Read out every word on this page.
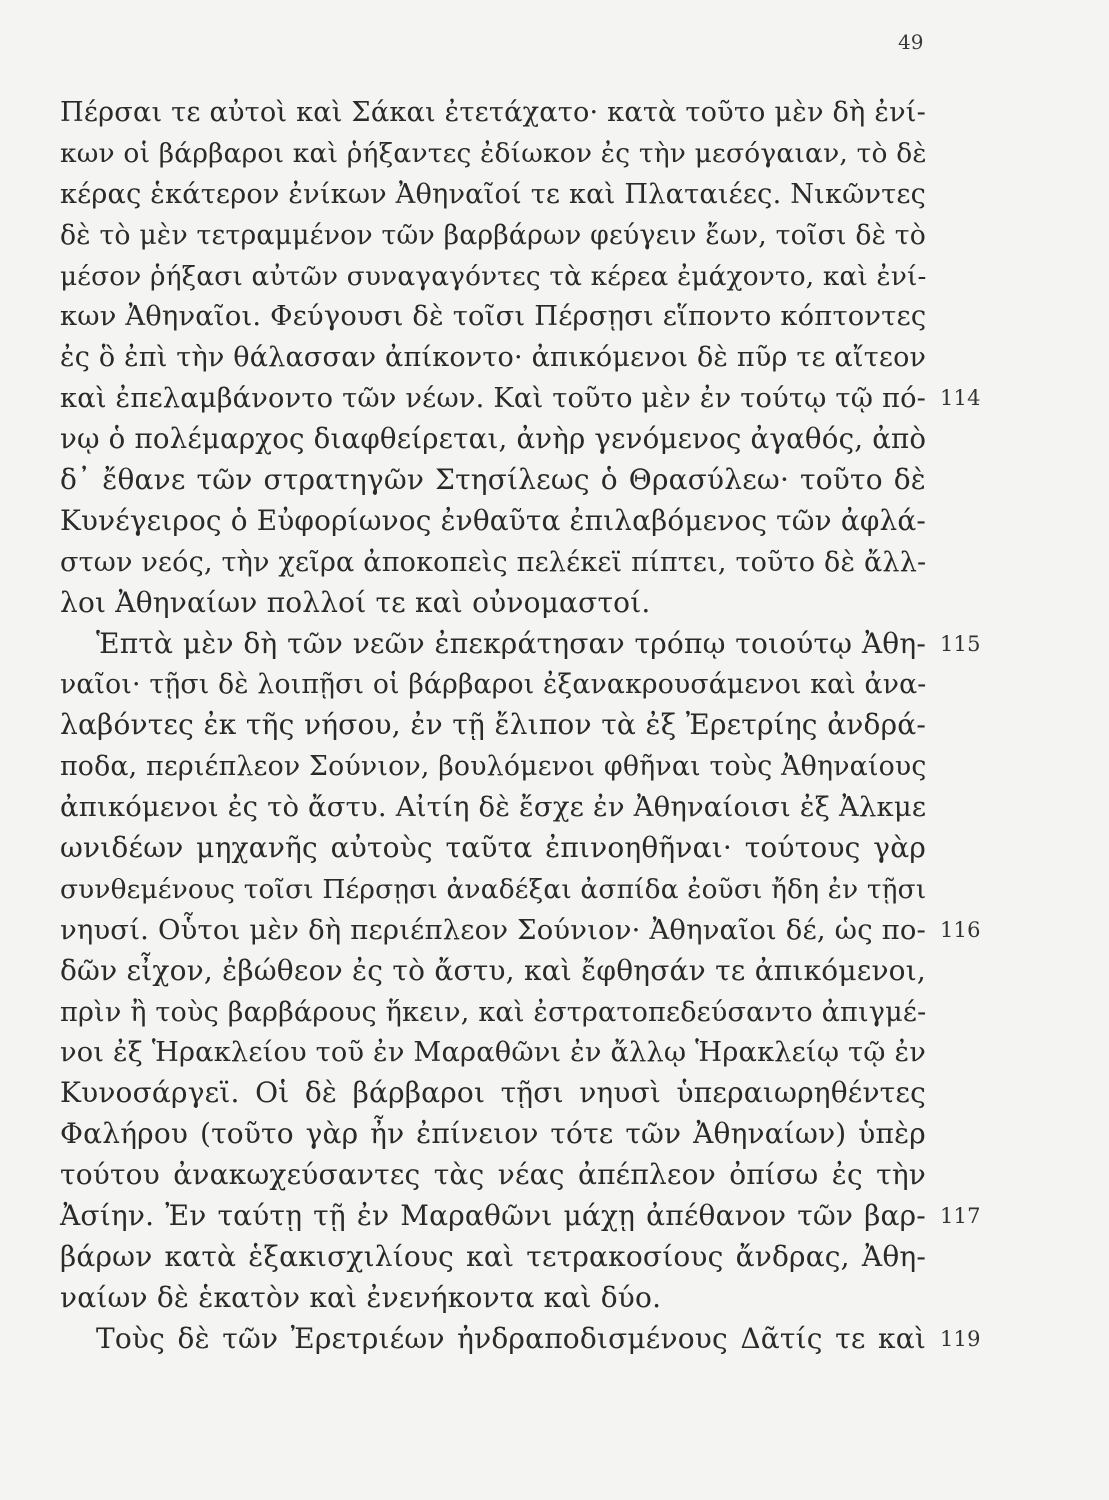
49
Πέρσαι τε αὐτοὶ καὶ Σάκαι ἐτετάχατο· κατὰ τοῦτο μὲν δὴ ἐνί-
κων οἱ βάρβαροι καὶ ῥήξαντες ἐδίωκον ἐς τὴν μεσόγαιαν, τὸ δὲ
κέρας ἑκάτερον ἐνίκων Ἀθηναῖοί τε καὶ Πλαταιέες. Νικῶντες
δὲ τὸ μὲν τετραμμένον τῶν βαρβάρων φεύγειν ἔων, τοῖσι δὲ τὸ
μέσον ῥήξασι αὐτῶν συναγαγόντες τὰ κέρεα ἐμάχοντο, καὶ ἐνί-
κων Ἀθηναῖοι. Φεύγουσι δὲ τοῖσι Πέρσῃσι εἵποντο κόπτοντες
ἐς ὃ ἐπὶ τὴν θάλασσαν ἀπίκοντο· ἀπικόμενοι δὲ πῦρ τε αἴτεον
καὶ ἐπελαμβάνοντο τῶν νέων. Καὶ τοῦτο μὲν ἐν τούτῳ τῷ πό- 114
νῳ ὁ πολέμαρχος διαφθείρεται, ἀνὴρ γενόμενος ἀγαθός, ἀπὸ
δ᾽ ἔθανε τῶν στρατηγῶν Στησίλεως ὁ Θρασύλεω· τοῦτο δὲ
Κυνέγειρος ὁ Εὐφορίωνος ἐνθαῦτα ἐπιλαβόμενος τῶν ἀφλά-
στων νεός, τὴν χεῖρα ἀποκοπεὶς πελέκεϊ πίπτει, τοῦτο δὲ ἄλλ-
λοι Ἀθηναίων πολλοί τε καὶ οὐνομαστοί.
Ἑπτὰ μὲν δὴ τῶν νεῶν ἐπεκράτησαν τρόπῳ τοιούτῳ Ἀθη- 115
ναῖοι· τῇσι δὲ λοιπῇσι οἱ βάρβαροι ἐξανακρουσάμενοι καὶ ἀνα-
λαβόντες ἐκ τῆς νήσου, ἐν τῇ ἔλιπον τὰ ἐξ Ἐρετρίης ἀνδρά-
ποδα, περιέπλεον Σούνιον, βουλόμενοι φθῆναι τοὺς Ἀθηναίους
ἀπικόμενοι ἐς τὸ ἄστυ. Αἰτίη δὲ ἔσχε ἐν Ἀθηναίοισι ἐξ Ἀλκμε
ωνιδέων μηχανῆς αὐτοὺς ταῦτα ἐπινοηθῆναι· τούτους γὰρ
συνθεμένους τοῖσι Πέρσῃσι ἀναδέξαι ἀσπίδα ἐοῦσι ἤδη ἐν τῇσι
νηυσί. Οὗτοι μὲν δὴ περιέπλεον Σούνιον· Ἀθηναῖοι δέ, ὡς πο- 116
δῶν εἶχον, ἐβώθεον ἐς τὸ ἄστυ, καὶ ἔφθησάν τε ἀπικόμενοι,
πρὶν ἢ τοὺς βαρβάρους ἥκειν, καὶ ἐστρατοπεδεύσαντο ἀπιγμέ-
νοι ἐξ Ἡρακλείου τοῦ ἐν Μαραθῶνι ἐν ἄλλῳ Ἡρακλείῳ τῷ ἐν
Κυνοσάργεϊ. Οἱ δὲ βάρβαροι τῇσι νηυσὶ ὑπεραιωρηθέντες
Φαλήρου (τοῦτο γὰρ ἦν ἐπίνειον τότε τῶν Ἀθηναίων) ὑπὲρ
τούτου ἀνακωχεύσαντες τὰς νέας ἀπέπλεον ὀπίσω ἐς τὴν
Ἀσίην. Ἐν ταύτῃ τῇ ἐν Μαραθῶνι μάχῃ ἀπέθανον τῶν βαρ- 117
βάρων κατὰ ἑξακισχιλίους καὶ τετρακοσίους ἄνδρας, Ἀθη-
ναίων δὲ ἑκατὸν καὶ ἐνενήκοντα καὶ δύο.
Τοὺς δὲ τῶν Ἐρετριέων ἠνδραποδισμένους Δᾶτίς τε καὶ 119
